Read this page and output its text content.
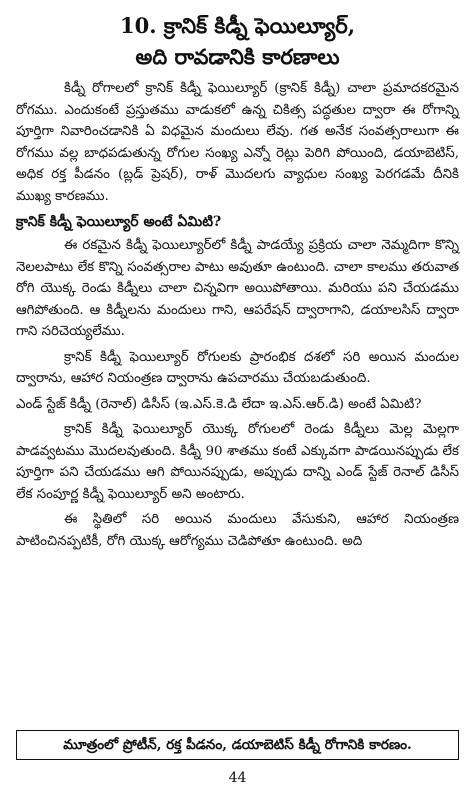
10. క్రానిక్ కిడ్నీ ఫెయిల్యూర్,
అది రావడానికి కారణాలు

కిడ్నీ రోగాలలో క్రానిక్ కిడ్నీ ఫెయిల్యూర్ (క్రానిక్ కిడ్నీ) చాలా ప్రమాదకరమైన రోగము. ఎందుకంటే ప్రస్తుతము వాడుకలో ఉన్న చికిత్స పద్ధతుల ద్వారా ఈ రోగాన్ని పూర్తిగా నివారించడానికి ఏ విధమైన మందులు లేవు. గత అనేక సంవత్సరాలుగా ఈ రోగము వల్ల బాధపడుతున్న రోగుల సంఖ్య ఎన్నో రెట్లు పెరిగి పోయింది, డయాబెటిస్, అధిక రక్త పీడనం (బ్లడ్ ప్రెషర్), రాళ్ మొదలగు వ్యాధుల సంఖ్య పెరగడమే దీనికి ముఖ్య కారణము.

క్రానిక్ కిడ్నీ ఫెయిల్యూర్ అంటే ఏమిటి?

ఈ రకమైన కిడ్నీ ఫెయిల్యూర్‌లో కిడ్నీ పాడయ్యే ప్రక్రియ చాలా నెమ్మదిగా కొన్ని నెలలపాటు లేక కొన్ని సంవత్సరాల పాటు అవుతూ ఉంటుంది. చాలా కాలము తరువాత రోగి యొక్క రెండు కిడ్నీలు చాలా చిన్నవిగా అయిపోతాయి. మరియు పని చేయడము ఆగిపోతుంది. ఆ కిడ్నీలను మందులు గాని, ఆపరేషన్ ద్వారాగాని, డయాలసిస్ ద్వారా గాని సరిచెయ్యలేము.

క్రానిక్ కిడ్నీ ఫెయిల్యూర్ రోగులకు ప్రారంభిక దశలో సరి అయిన మందుల ద్వారాను, ఆహార నియంత్రణ ద్వారాను ఉపచారము చేయబడుతుంది.

ఎండ్ స్టేజ్ కిడ్నీ (రెనాల్) డిసీస్ (ఇ.ఎస్.కె.డి లేదా ఇ.ఎస్.ఆర్.డి) అంటే ఏమిటి?

క్రానిక్ కిడ్నీ ఫెయిల్యూర్ యొక్క రోగులలో రెండు కిడ్నీలు మెల్ల మెల్లగా పాడవ్వటము మొదలవుతుంది. కిడ్నీ 90 శాతము కంటే ఎక్కువగా పాడయినప్పుడు లేక పూర్తిగా పని చేయడము ఆగి పోయినప్పుడు, అప్పుడు దాన్ని ఎండ్ స్టేజ్ రెనాల్ డిసీస్ లేక సంపూర్ణ కిడ్నీ ఫెయిల్యూర్ అని అంటారు.

ఈ స్థితిలో సరి అయిన మందులు వేసుకుని, ఆహార నియంత్రణ పాటించినప్పటికీ, రోగి యొక్క ఆరోగ్యము చెడిపోతూ ఉంటుంది. అది

మూత్రంలో ప్రోటీన్, రక్త పీడనం, డయాబెటిస్ కిడ్నీ రోగానికి కారణం.
44
